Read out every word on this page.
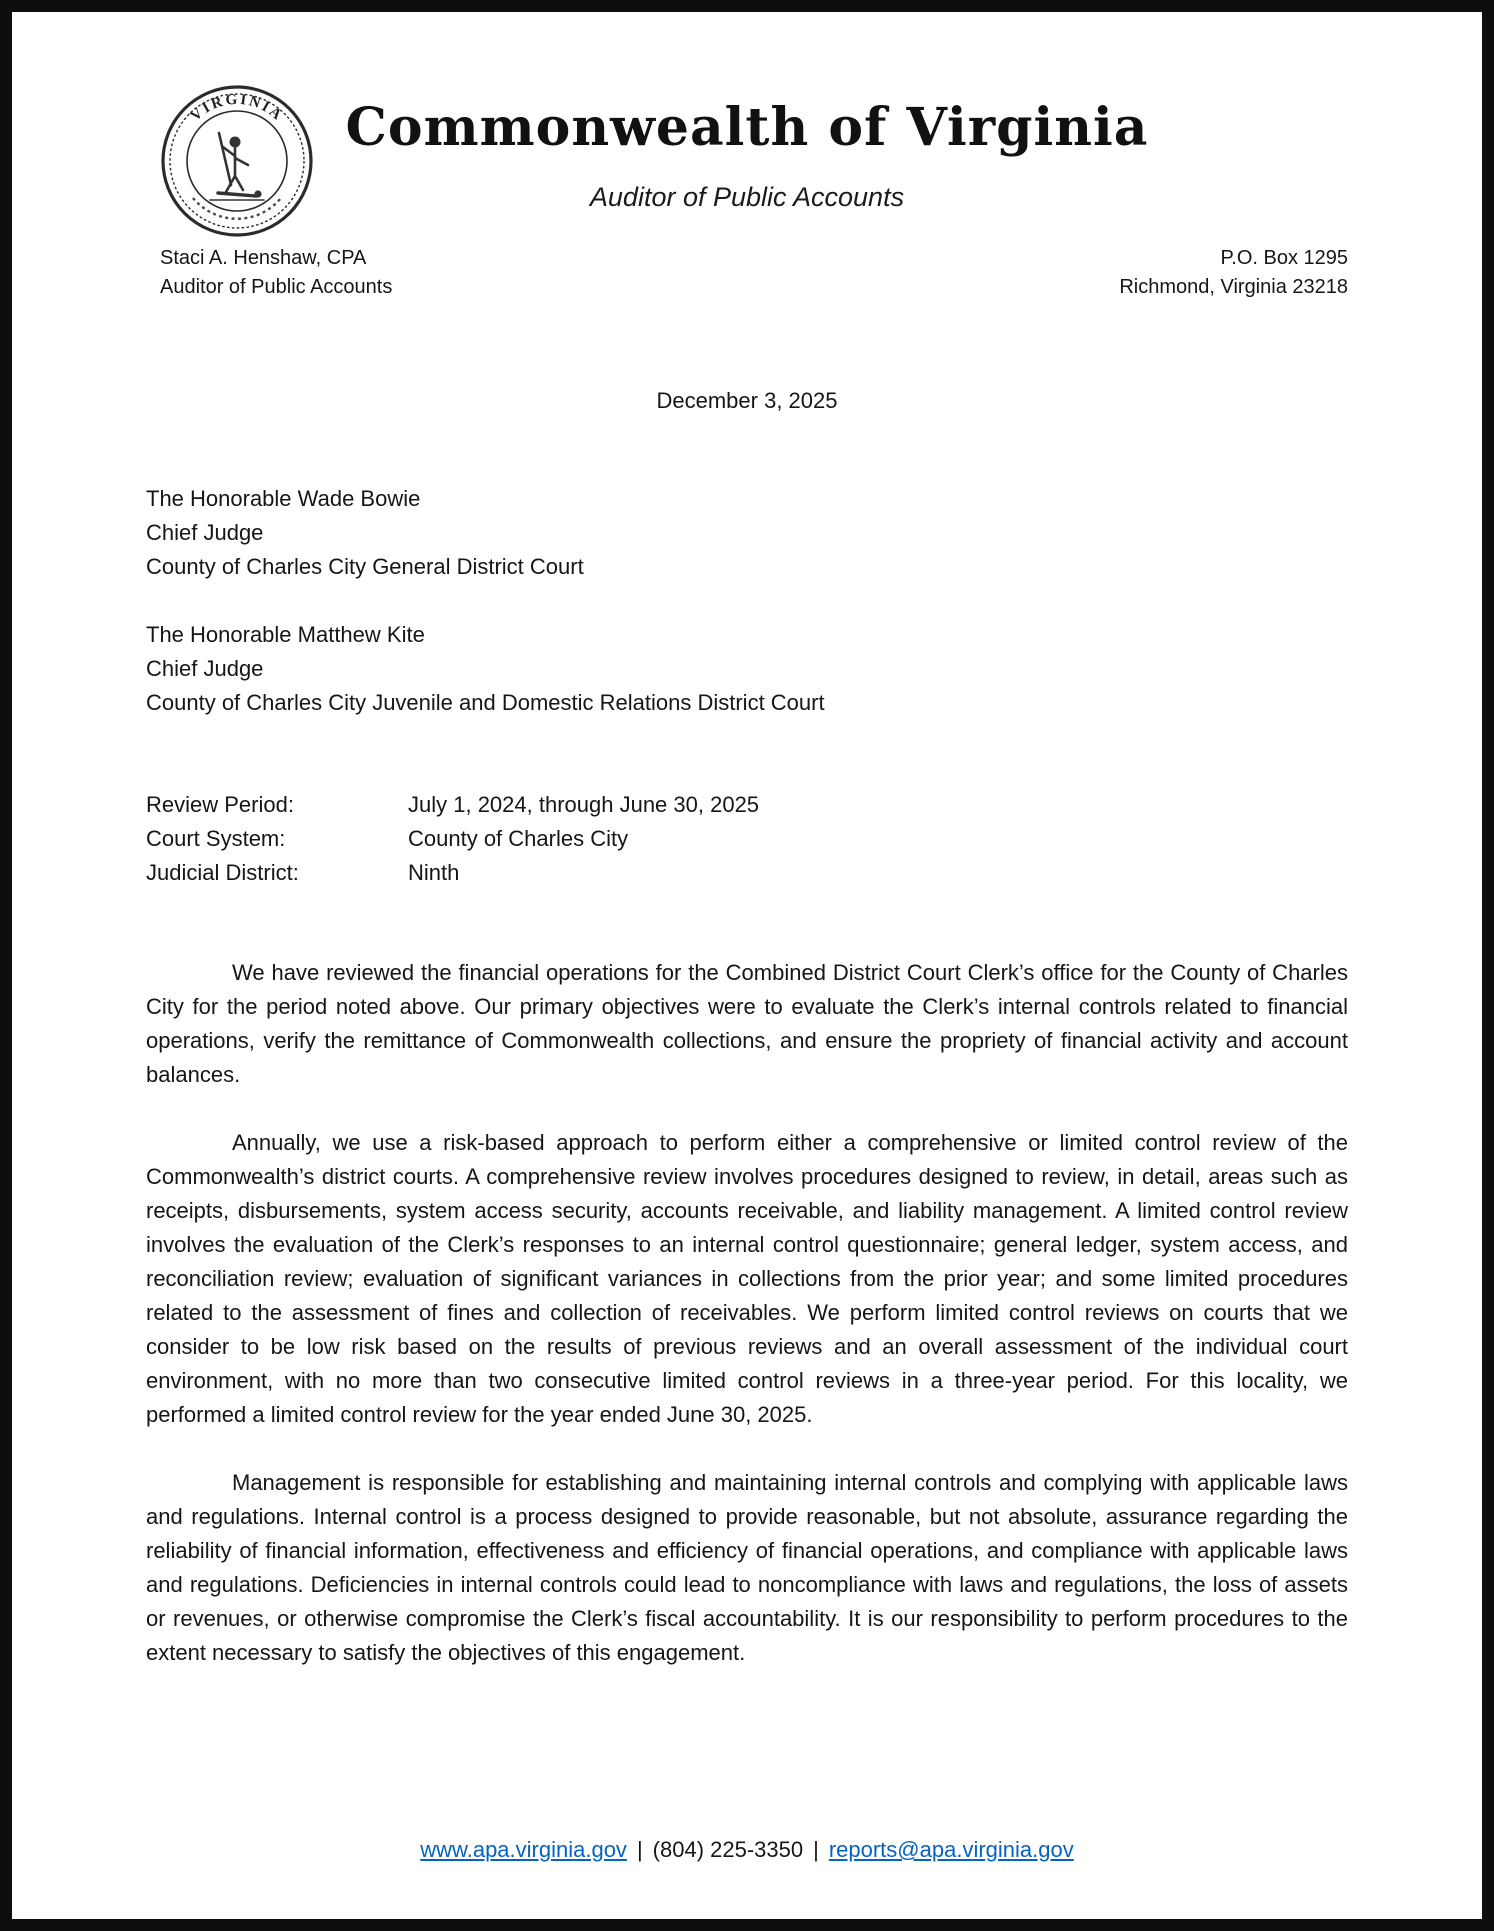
VIRGINIA	Commonwealth of Virginia
Auditor of Public Accounts
Staci A. Henshaw, CPA
Auditor of Public Accounts
P.O. Box 1295
Richmond, Virginia 23218
December 3, 2025
The Honorable Wade Bowie
Chief Judge
County of Charles City General District Court
The Honorable Matthew Kite
Chief Judge
County of Charles City Juvenile and Domestic Relations District Court
Review Period:	July 1, 2024, through June 30, 2025
Court System:	County of Charles City
Judicial District:	Ninth

We have reviewed the financial operations for the Combined District Court Clerk’s office for the County of Charles City for the period noted above. Our primary objectives were to evaluate the Clerk’s internal controls related to financial operations, verify the remittance of Commonwealth collections, and ensure the propriety of financial activity and account balances.

Annually, we use a risk-based approach to perform either a comprehensive or limited control review of the Commonwealth’s district courts. A comprehensive review involves procedures designed to review, in detail, areas such as receipts, disbursements, system access security, accounts receivable, and liability management. A limited control review involves the evaluation of the Clerk’s responses to an internal control questionnaire; general ledger, system access, and reconciliation review; evaluation of significant variances in collections from the prior year; and some limited procedures related to the assessment of fines and collection of receivables. We perform limited control reviews on courts that we consider to be low risk based on the results of previous reviews and an overall assessment of the individual court environment, with no more than two consecutive limited control reviews in a three-year period. For this locality, we performed a limited control review for the year ended June 30, 2025.

Management is responsible for establishing and maintaining internal controls and complying with applicable laws and regulations. Internal control is a process designed to provide reasonable, but not absolute, assurance regarding the reliability of financial information, effectiveness and efficiency of financial operations, and compliance with applicable laws and regulations. Deficiencies in internal controls could lead to noncompliance with laws and regulations, the loss of assets or revenues, or otherwise compromise the Clerk’s fiscal accountability. It is our responsibility to perform procedures to the extent necessary to satisfy the objectives of this engagement.

www.apa.virginia.gov | (804) 225-3350 | reports@apa.virginia.gov
